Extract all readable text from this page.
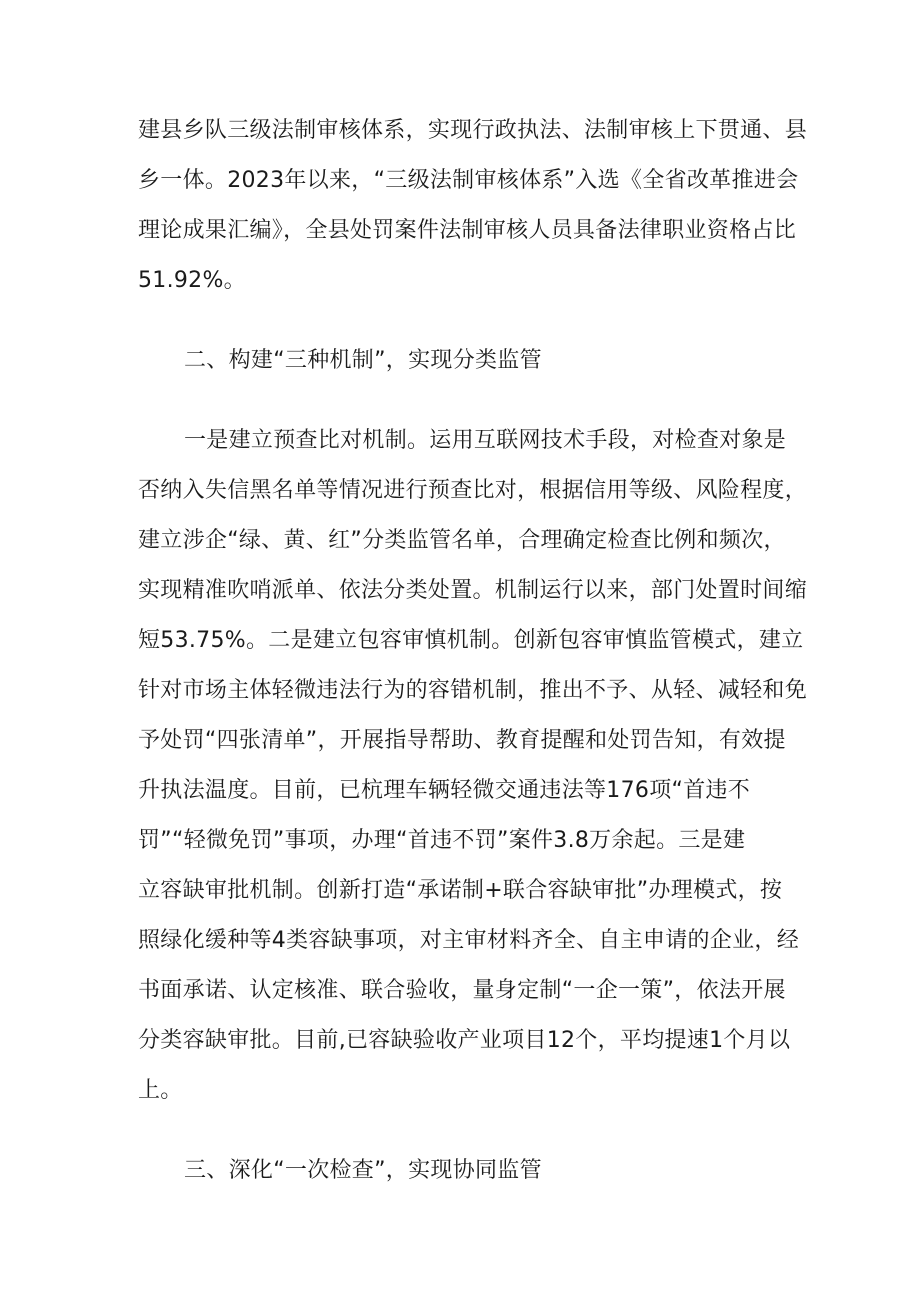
建县乡队三级法制审核体系，实现行政执法、法制审核上下贯通、县
乡一体。2023年以来，“三级法制审核体系”入选《全省改革推进会
理论成果汇编》，全县处罚案件法制审核人员具备法律职业资格占比
51.92%。
二、构建“三种机制”，实现分类监管
一是建立预查比对机制。运用互联网技术手段，对检查对象是
否纳入失信黑名单等情况进行预查比对，根据信用等级、风险程度，
建立涉企“绿、黄、红”分类监管名单，合理确定检查比例和频次，
实现精准吹哨派单、依法分类处置。机制运行以来，部门处置时间缩
短53.75%。二是建立包容审慎机制。创新包容审慎监管模式，建立
针对市场主体轻微违法行为的容错机制，推出不予、从轻、减轻和免
予处罚“四张清单”，开展指导帮助、教育提醒和处罚告知，有效提
升执法温度。目前，已杭理车辆轻微交通违法等176项“首违不
罚”“轻微免罚”事项，办理“首违不罚”案件3.8万余起。三是建
立容缺审批机制。创新打造“承诺制+联合容缺审批”办理模式，按
照绿化缓种等4类容缺事项，对主审材料齐全、自主申请的企业，经
书面承诺、认定核准、联合验收，量身定制“一企一策”，依法开展
分类容缺审批。目前,已容缺验收产业项目12个，平均提速1个月以
上。
三、深化“一次检查”，实现协同监管
